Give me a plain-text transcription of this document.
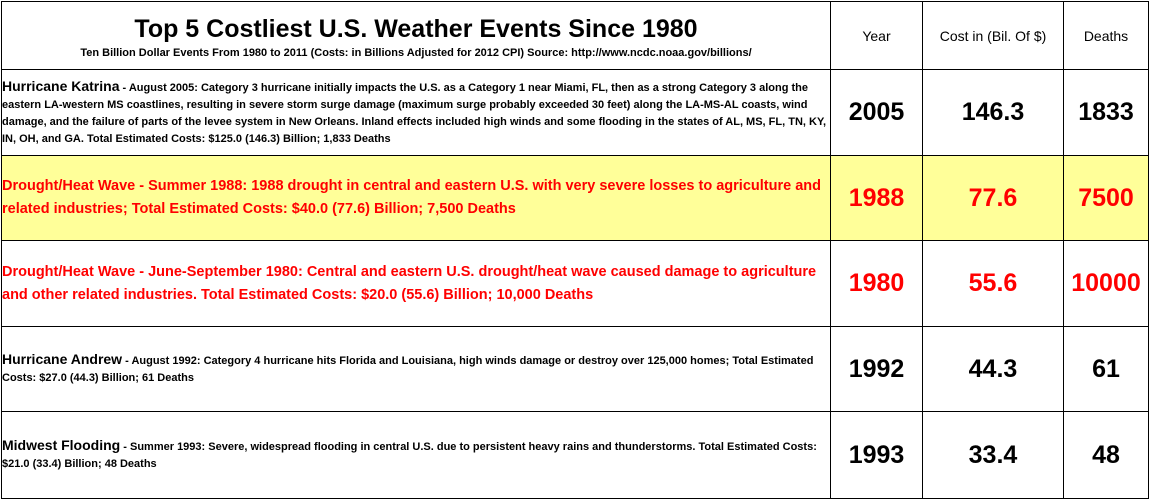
Top 5 Costliest U.S. Weather Events Since 1980
Ten Billion Dollar Events From 1980 to 2011 (Costs: in Billions Adjusted for 2012 CPI) Source: http://www.ncdc.noaa.gov/billions/	Year	Cost in (Bil. Of $)	Deaths
Hurricane Katrina - August 2005: Category 3 hurricane initially impacts the U.S. as a Category 1 near Miami, FL, then as a strong Category 3 along the eastern LA-western MS coastlines, resulting in severe storm surge damage (maximum surge probably exceeded 30 feet) along the LA-MS-AL coasts, wind damage, and the failure of parts of the levee system in New Orleans. Inland effects included high winds and some flooding in the states of AL, MS, FL, TN, KY, IN, OH, and GA. Total Estimated Costs: $125.0 (146.3) Billion; 1,833 Deaths	2005	146.3	1833
Drought/Heat Wave - Summer 1988: 1988 drought in central and eastern U.S. with very severe losses to agriculture and related industries; Total Estimated Costs: $40.0 (77.6) Billion; 7,500 Deaths	1988	77.6	7500
Drought/Heat Wave - June-September 1980: Central and eastern U.S. drought/heat wave caused damage to agriculture and other related industries. Total Estimated Costs: $20.0 (55.6) Billion; 10,000 Deaths	1980	55.6	10000
Hurricane Andrew - August 1992: Category 4 hurricane hits Florida and Louisiana, high winds damage or destroy over 125,000 homes; Total Estimated Costs: $27.0 (44.3) Billion; 61 Deaths	1992	44.3	61
Midwest Flooding - Summer 1993: Severe, widespread flooding in central U.S. due to persistent heavy rains and thunderstorms. Total Estimated Costs: $21.0 (33.4) Billion; 48 Deaths	1993	33.4	48
